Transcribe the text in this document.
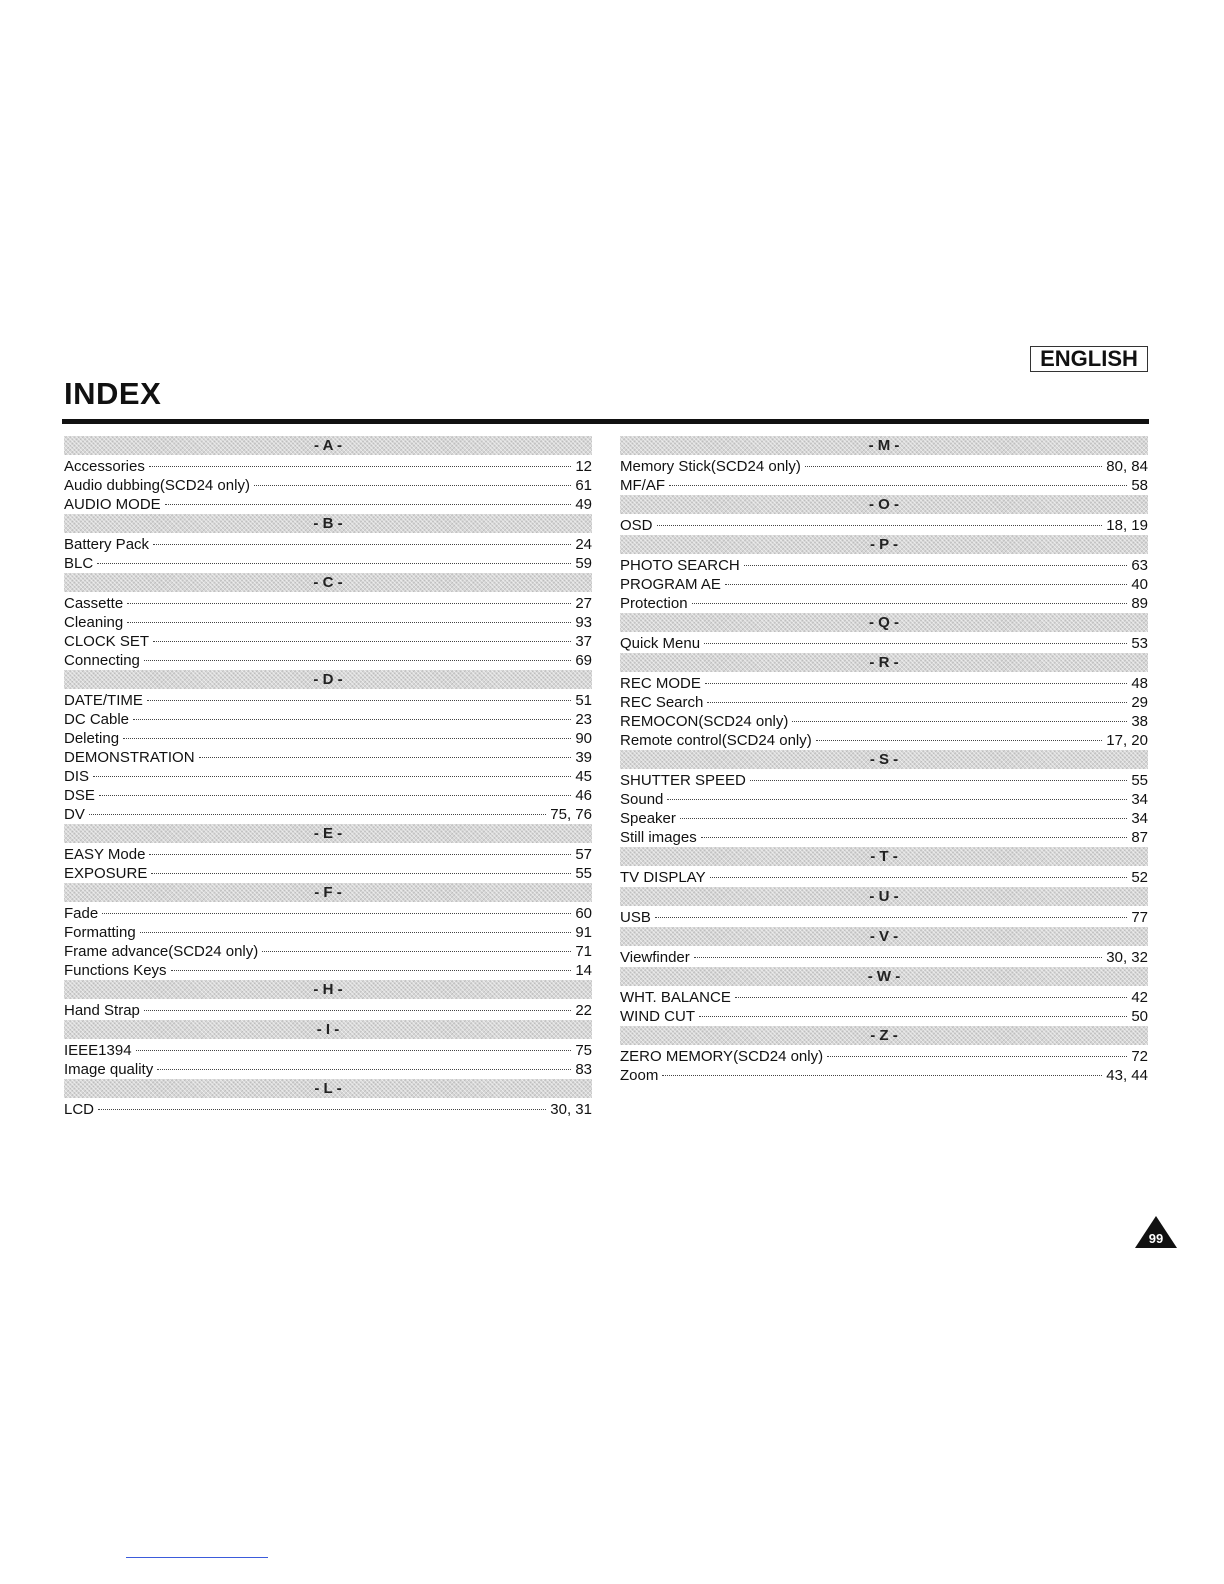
ENGLISH
INDEX
- A -
Accessories	12
Audio dubbing(SCD24 only)	61
AUDIO MODE	49
- B -
Battery Pack	24
BLC	59
- C -
Cassette	27
Cleaning	93
CLOCK SET	37
Connecting	69
- D -
DATE/TIME	51
DC Cable	23
Deleting	90
DEMONSTRATION	39
DIS	45
DSE	46
DV	75, 76
- E -
EASY Mode	57
EXPOSURE	55
- F -
Fade	60
Formatting	91
Frame advance(SCD24 only)	71
Functions Keys	14
- H -
Hand Strap	22
- I -
IEEE1394	75
Image quality	83
- L -
LCD	30, 31
- M -
Memory Stick(SCD24 only)	80, 84
MF/AF	58
- O -
OSD	18, 19
- P -
PHOTO SEARCH	63
PROGRAM AE	40
Protection	89
- Q -
Quick Menu	53
- R -
REC MODE	48
REC Search	29
REMOCON(SCD24 only)	38
Remote control(SCD24 only)	17, 20
- S -
SHUTTER SPEED	55
Sound	34
Speaker	34
Still images	87
- T -
TV DISPLAY	52
- U -
USB	77
- V -
Viewfinder	30, 32
- W -
WHT. BALANCE	42
WIND CUT	50
- Z -
ZERO MEMORY(SCD24 only)	72
Zoom	43, 44
99
